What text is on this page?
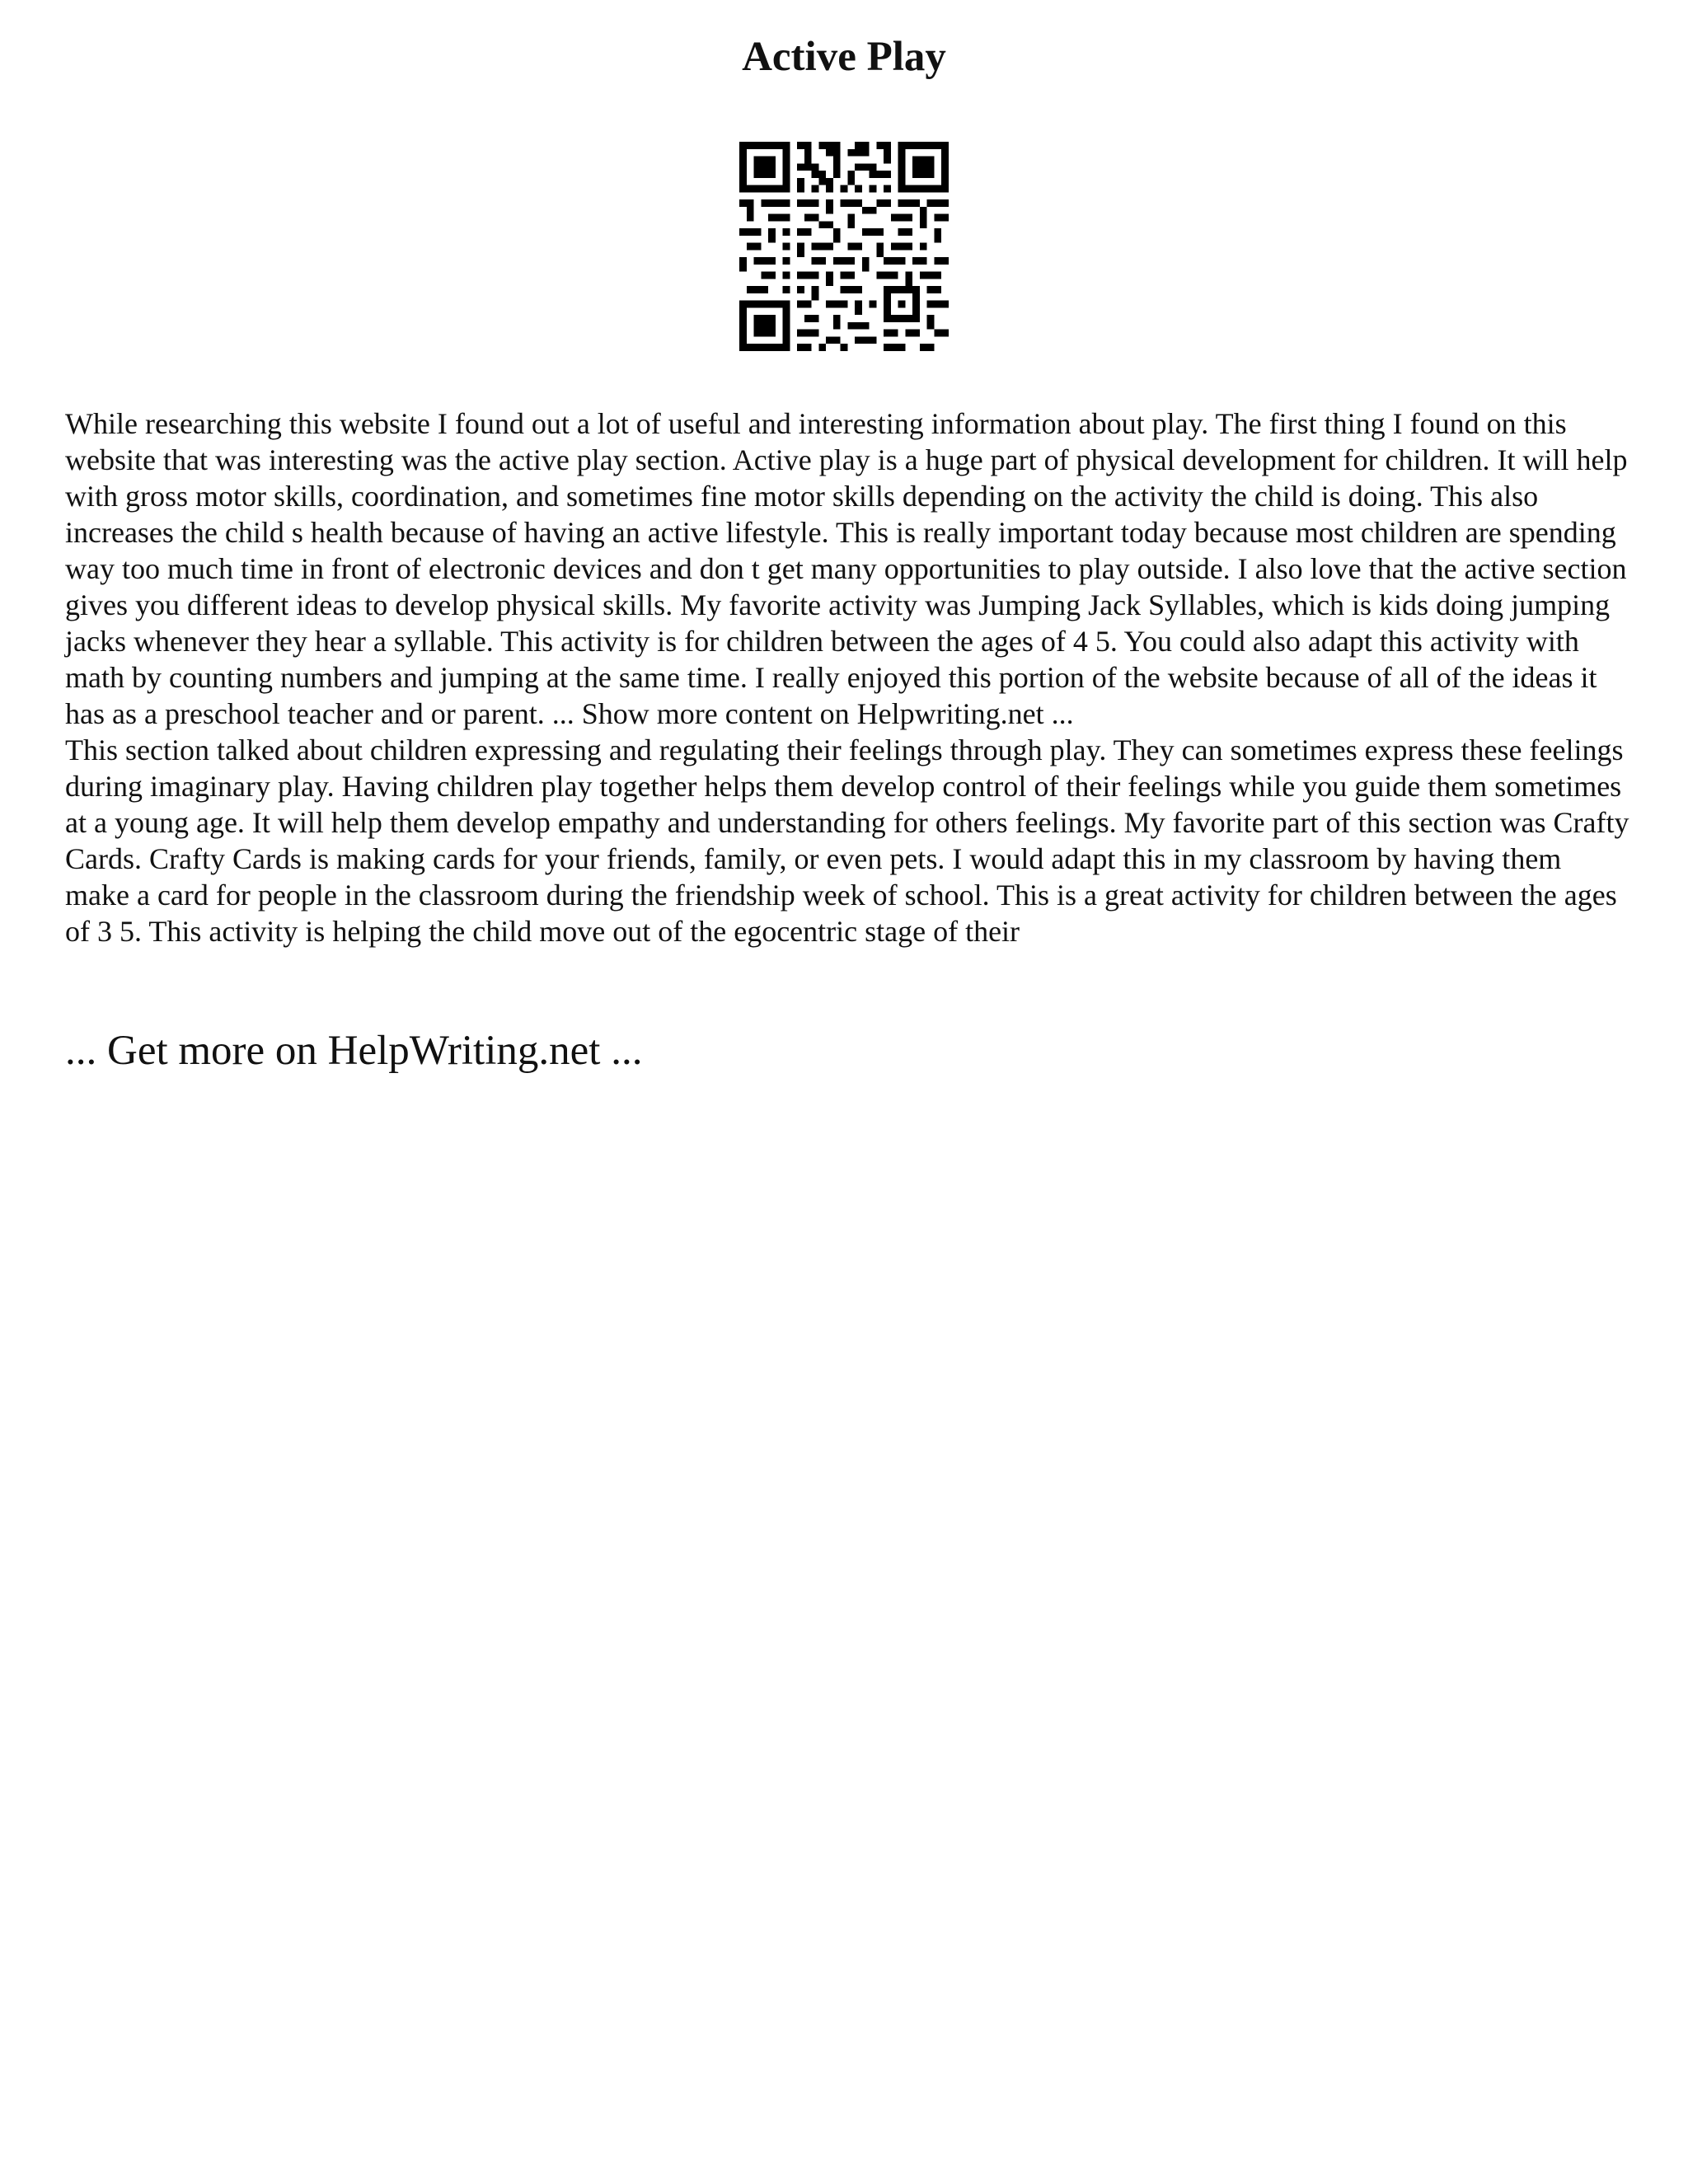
Active Play

While researching this website I found out a lot of useful and interesting information about play. The first thing I found on this website that was interesting was the active play section. Active play is a huge part of physical development for children. It will help with gross motor skills, coordination, and sometimes fine motor skills depending on the activity the child is doing. This also increases the child s health because of having an active lifestyle. This is really important today because most children are spending way too much time in front of electronic devices and don t get many opportunities to play outside. I also love that the active section gives you different ideas to develop physical skills. My favorite activity was Jumping Jack Syllables, which is kids doing jumping jacks whenever they hear a syllable. This activity is for children between the ages of 4 5. You could also adapt this activity with math by counting numbers and jumping at the same time. I really enjoyed this portion of the website because of all of the ideas it has as a preschool teacher and or parent. ... Show more content on Helpwriting.net ...

This section talked about children expressing and regulating their feelings through play. They can sometimes express these feelings during imaginary play. Having children play together helps them develop control of their feelings while you guide them sometimes at a young age. It will help them develop empathy and understanding for others feelings. My favorite part of this section was Crafty Cards. Crafty Cards is making cards for your friends, family, or even pets. I would adapt this in my classroom by having them make a card for people in the classroom during the friendship week of school. This is a great activity for children between the ages of 3 5. This activity is helping the child move out of the egocentric stage of their

... Get more on HelpWriting.net ...
